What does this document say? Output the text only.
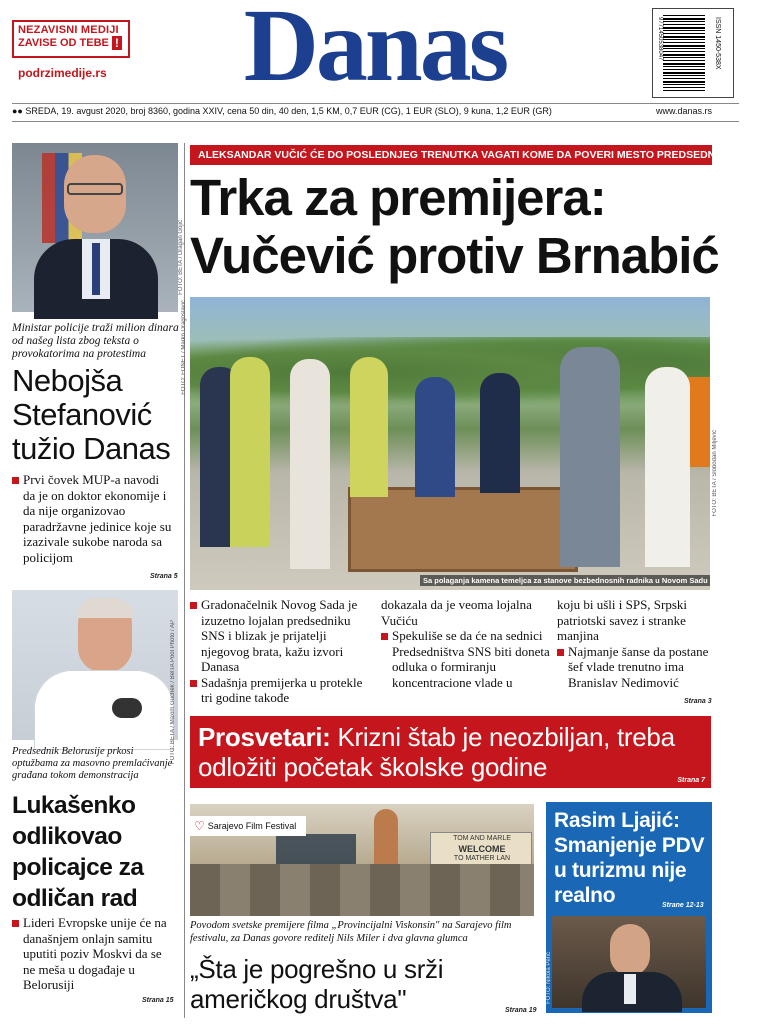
NEZAVISNI MEDIJI
ZAVISE OD TEBE !
podrzimedije.rs	Danas	ISSN 1450-538X
9771450538047
●● SREDA, 19. avgust 2020, broj 8360, godina XXIV, cena 50 din, 40 den, 1,5 KM, 0,7 EUR (CG), 1 EUR (SLO), 9 kuna, 1,2 EUR (GR)	www.danas.rs
FOTO: BETA / Dragan Gojić
Ministar policije traži milion dinara od našeg lista zbog teksta o provokatorima na protestima
Nebojša Stefanović tužio Danas
Prvi čovek MUP-a navodi da je on doktor ekonomije i da nije organizovao paradržavne jedinice koje su izazivale sukobe naroda sa policijom
Strana 5
ALEKSANDAR VUČIĆ ĆE DO POSLEDNJEG TRENUTKA VAGATI KOME DA POVERI MESTO PREDSEDNIKA VLADE
Trka za premijera:
Vučević protiv Brnabić
Sa polaganja kamena temeljca za stanove bezbednosnih radnika u Novom Sadu
FOTO: FONET / Marko Dragoslavić
FOTO: BETA / Slobodan Miljević
Gradonačelnik Novog Sada je izuzetno lojalan predsedniku SNS i blizak je prijatelji njegovog brata, kažu izvori Danasa
Sadašnja premijerka u protekle tri godine takođe
dokazala da je veoma lojalna Vučiću
Spekuliše se da će na sednici Predsedništva SNS biti doneta odluka o formiranju koncentracione vlade u
koju bi ušli i SPS, Srpski patriotski savez i stranke manjina
Najmanje šanse da postane šef vlade trenutno ima Branislav Nedimović
Strana 3
FOTO: BETA / Maxim Guchek / BelTA Pool Photo / AP
Predsednik Belorusije prkosi optužbama za masovno premlaćivanje građana tokom demonstracija
Lukašenko odlikovao policajce za odličan rad
Lideri Evropske unije će na današnjem onlajn samitu uputiti poziv Moskvi da se ne meša u događaje u Belorusiji
Strana 15
Prosvetari: Krizni štab je neozbiljan, treba odložiti početak školske godine	Strana 7
♡ Sarajevo Film Festival
TOM AND MARLE
WELCOME
TO MATHER LAN
Povodom svetske premijere filma „Provincijalni Viskonsin" na Sarajevo film festivalu, za Danas govore reditelj Nils Miler i dva glavna glumca
„Šta je pogrešno u srži američkog društva"	Strana 19
Rasim Ljajić: Smanjenje PDV u turizmu nije realno	Strane 12-13
FOTO: Nikola Perić
